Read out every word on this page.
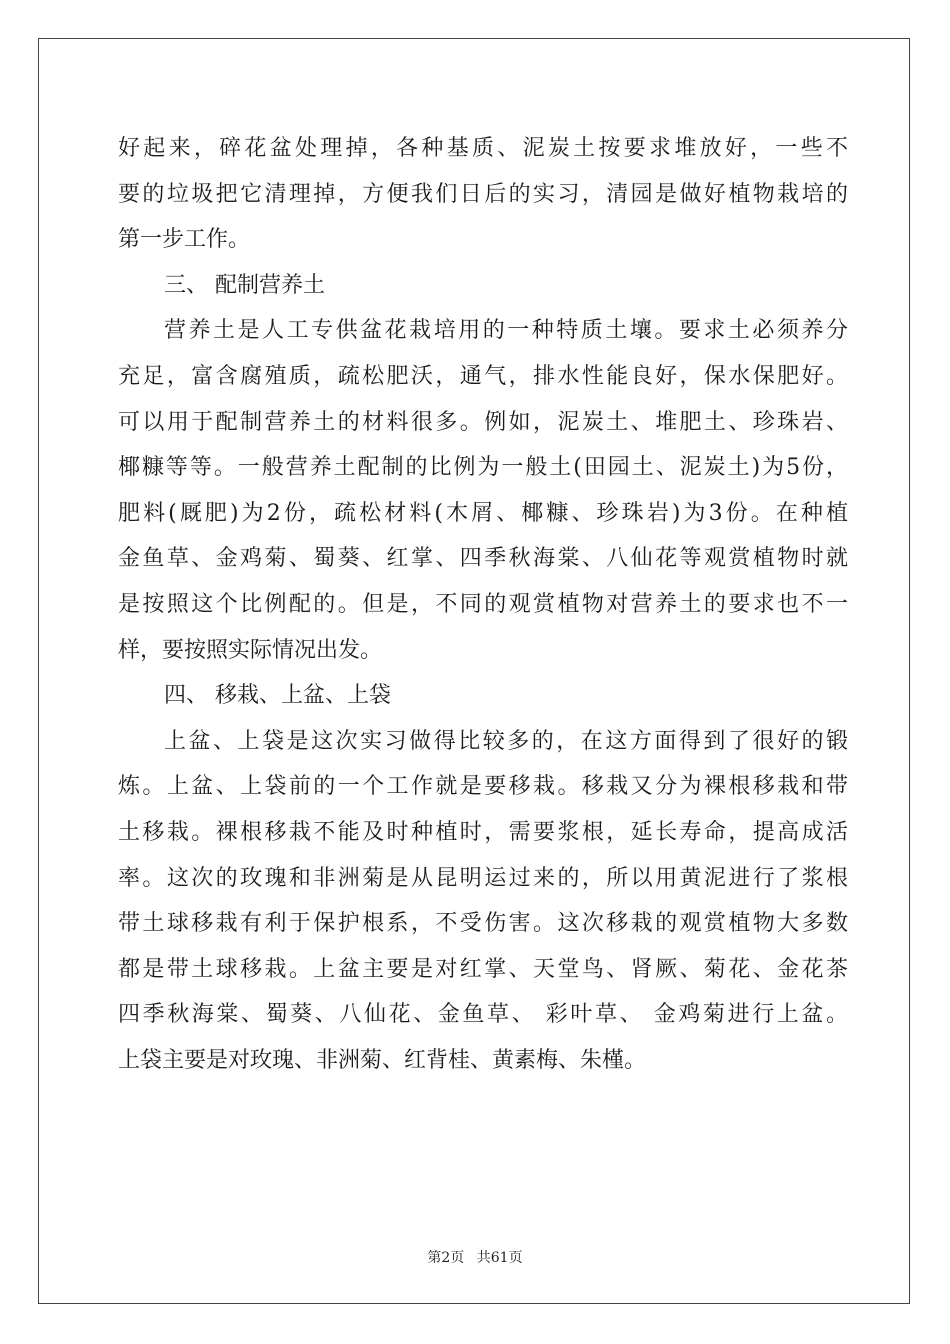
好起来，碎花盆处理掉，各种基质、泥炭土按要求堆放好，一些不
要的垃圾把它清理掉，方便我们日后的实习，清园是做好植物栽培的
第一步工作。
三、 配制营养土
营养土是人工专供盆花栽培用的一种特质土壤。要求土必须养分
充足，富含腐殖质，疏松肥沃，通气，排水性能良好，保水保肥好。
可以用于配制营养土的材料很多。例如，泥炭土、堆肥土、珍珠岩、
椰糠等等。一般营养土配制的比例为一般土(田园土、泥炭土)为5份，
肥料(厩肥)为2份，疏松材料(木屑、椰糠、珍珠岩)为3份。在种植
金鱼草、金鸡菊、蜀葵、红掌、四季秋海棠、八仙花等观赏植物时就
是按照这个比例配的。但是，不同的观赏植物对营养土的要求也不一
样，要按照实际情况出发。
四、 移栽、上盆、上袋
上盆、上袋是这次实习做得比较多的，在这方面得到了很好的锻
炼。上盆、上袋前的一个工作就是要移栽。移栽又分为裸根移栽和带
土移栽。裸根移栽不能及时种植时，需要浆根，延长寿命，提高成活
率。这次的玫瑰和非洲菊是从昆明运过来的，所以用黄泥进行了浆根
带土球移栽有利于保护根系，不受伤害。这次移栽的观赏植物大多数
都是带土球移栽。上盆主要是对红掌、天堂鸟、肾厥、菊花、金花茶
四季秋海棠、蜀葵、八仙花、金鱼草、 彩叶草、 金鸡菊进行上盆。
上袋主要是对玫瑰、非洲菊、红背桂、黄素梅、朱槿。
第2页 共61页
